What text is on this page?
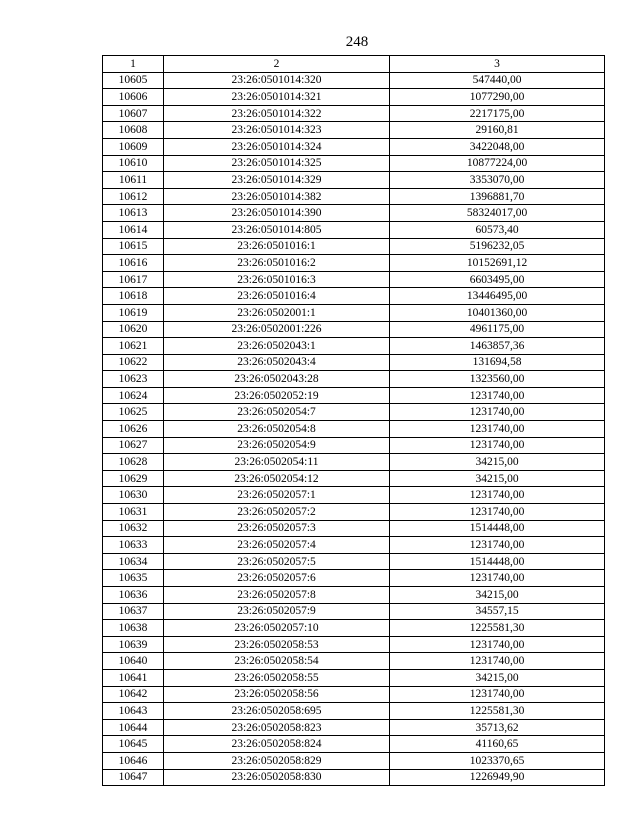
248
1	2	3
10605	23:26:0501014:320	547440,00
10606	23:26:0501014:321	1077290,00
10607	23:26:0501014:322	2217175,00
10608	23:26:0501014:323	29160,81
10609	23:26:0501014:324	3422048,00
10610	23:26:0501014:325	10877224,00
10611	23:26:0501014:329	3353070,00
10612	23:26:0501014:382	1396881,70
10613	23:26:0501014:390	58324017,00
10614	23:26:0501014:805	60573,40
10615	23:26:0501016:1	5196232,05
10616	23:26:0501016:2	10152691,12
10617	23:26:0501016:3	6603495,00
10618	23:26:0501016:4	13446495,00
10619	23:26:0502001:1	10401360,00
10620	23:26:0502001:226	4961175,00
10621	23:26:0502043:1	1463857,36
10622	23:26:0502043:4	131694,58
10623	23:26:0502043:28	1323560,00
10624	23:26:0502052:19	1231740,00
10625	23:26:0502054:7	1231740,00
10626	23:26:0502054:8	1231740,00
10627	23:26:0502054:9	1231740,00
10628	23:26:0502054:11	34215,00
10629	23:26:0502054:12	34215,00
10630	23:26:0502057:1	1231740,00
10631	23:26:0502057:2	1231740,00
10632	23:26:0502057:3	1514448,00
10633	23:26:0502057:4	1231740,00
10634	23:26:0502057:5	1514448,00
10635	23:26:0502057:6	1231740,00
10636	23:26:0502057:8	34215,00
10637	23:26:0502057:9	34557,15
10638	23:26:0502057:10	1225581,30
10639	23:26:0502058:53	1231740,00
10640	23:26:0502058:54	1231740,00
10641	23:26:0502058:55	34215,00
10642	23:26:0502058:56	1231740,00
10643	23:26:0502058:695	1225581,30
10644	23:26:0502058:823	35713,62
10645	23:26:0502058:824	41160,65
10646	23:26:0502058:829	1023370,65
10647	23:26:0502058:830	1226949,90
